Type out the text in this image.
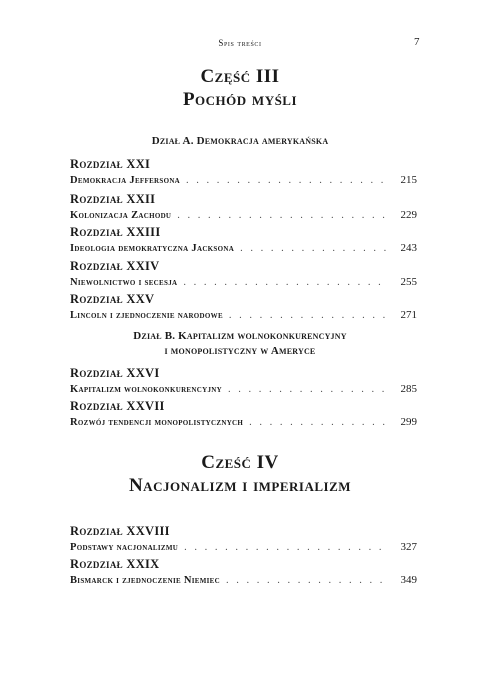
Spis treści	7
Część III
Pochód myśli
Dział A. Demokracja amerykańska
Rozdział XXI
Demokracja Jeffersona . . .	215
Rozdział XXII
Kolonizacja Zachodu . . .	229
Rozdział XXIII
Ideologia demokratyczna Jacksona . . .	243
Rozdział XXIV
Niewolnictwo i secesja . . .	255
Rozdział XXV
Lincoln i zjednoczenie narodowe . . .	271
Dział B. Kapitalizm wolnokonkurencyjny
i monopolistyczny w Ameryce
Rozdział XXVI
Kapitalizm wolnokonkurencyjny . . .	285
Rozdział XXVII
Rozwój tendencji monopolistycznych . . .	299
Cześć IV
Nacjonalizm i imperializm
Rozdział XXVIII
Podstawy nacjonalizmu . . .	327
Rozdział XXIX
Bismarck i zjednoczenie Niemiec . . .	349
